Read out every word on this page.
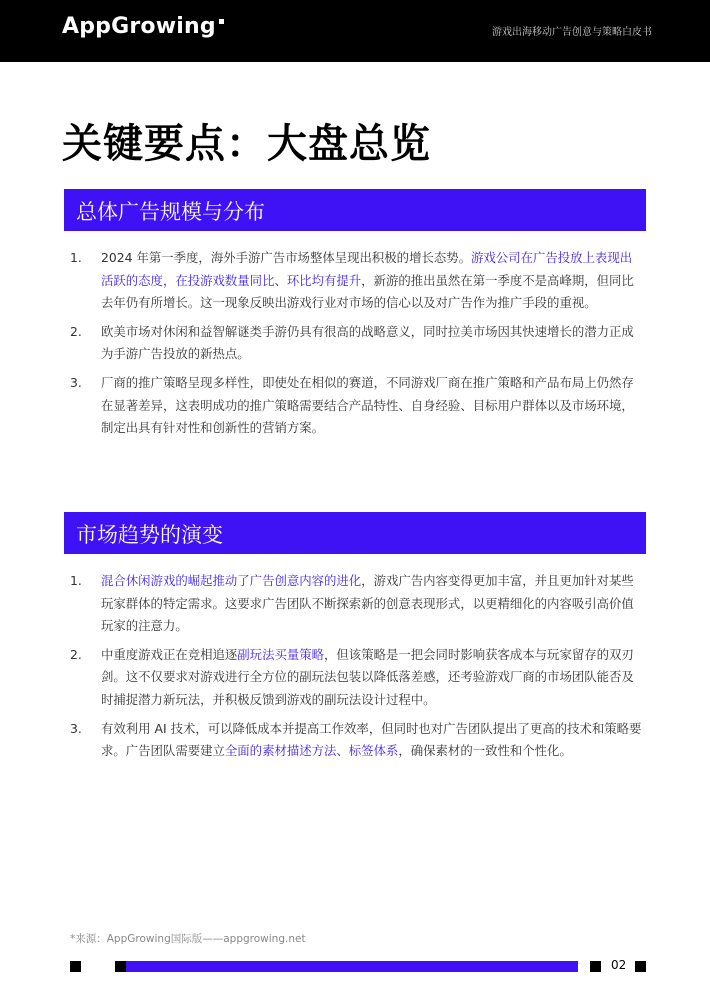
AppGrowing	游戏出海移动广告创意与策略白皮书
关键要点：大盘总览
总体广告规模与分布
1. 2024 年第一季度，海外手游广告市场整体呈现出积极的增长态势。游戏公司在广告投放上表现出活跃的态度，在投游戏数量同比、环比均有提升，新游的推出虽然在第一季度不是高峰期，但同比去年仍有所增长。这一现象反映出游戏行业对市场的信心以及对广告作为推广手段的重视。
2. 欧美市场对休闲和益智解谜类手游仍具有很高的战略意义，同时拉美市场因其快速增长的潜力正成为手游广告投放的新热点。
3. 厂商的推广策略呈现多样性，即使处在相似的赛道，不同游戏厂商在推广策略和产品布局上仍然存在显著差异，这表明成功的推广策略需要结合产品特性、自身经验、目标用户群体以及市场环境，制定出具有针对性和创新性的营销方案。
市场趋势的演变
1. 混合休闲游戏的崛起推动了广告创意内容的进化，游戏广告内容变得更加丰富，并且更加针对某些玩家群体的特定需求。这要求广告团队不断探索新的创意表现形式，以更精细化的内容吸引高价值玩家的注意力。
2. 中重度游戏正在竞相追逐副玩法买量策略，但该策略是一把会同时影响获客成本与玩家留存的双刃剑。这不仅要求对游戏进行全方位的副玩法包装以降低落差感，还考验游戏厂商的市场团队能否及时捕捉潜力新玩法，并积极反馈到游戏的副玩法设计过程中。
3. 有效利用 AI 技术，可以降低成本并提高工作效率，但同时也对广告团队提出了更高的技术和策略要求。广告团队需要建立全面的素材描述方法、标签体系，确保素材的一致性和个性化。
*来源：AppGrowing国际版——appgrowing.net
02
